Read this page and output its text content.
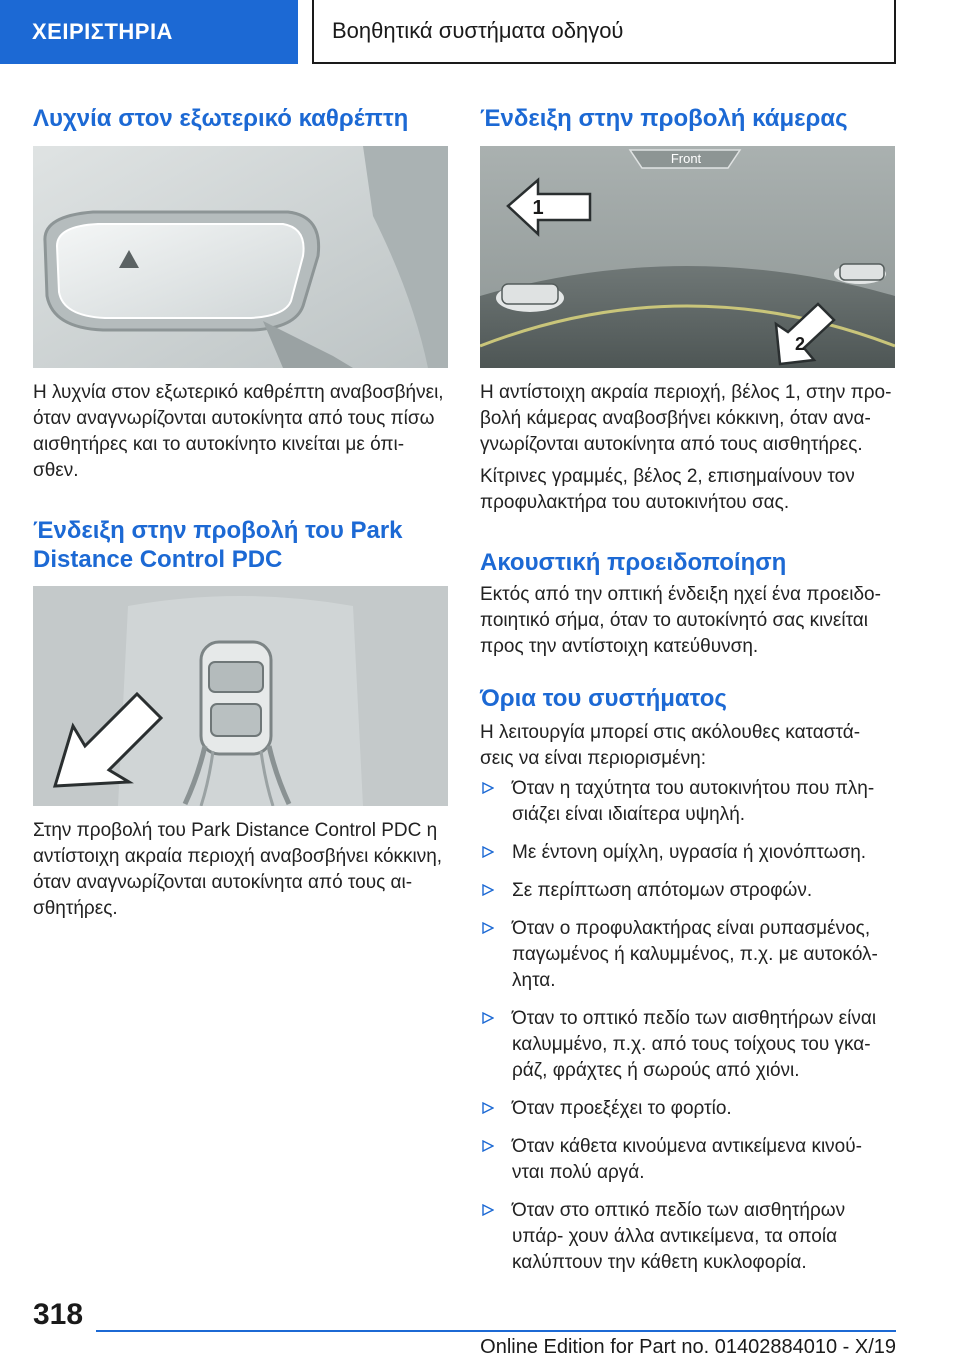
ΧΕΙΡΙΣΤΗΡΙΑ	Βοηθητικά συστήματα οδηγού
Λυχνία στον εξωτερικό καθρέπτη

Η λυχνία στον εξωτερικό καθρέπτη αναβοσβήνει, όταν αναγνωρίζονται αυτοκίνητα από τους πίσω αισθητήρες και το αυτοκίνητο κινείται με όπι- σθεν.

Ένδειξη στην προβολή του Park Distance Control PDC

Στην προβολή του Park Distance Control PDC η αντίστοιχη ακραία περιοχή αναβοσβήνει κόκκινη, όταν αναγνωρίζονται αυτοκίνητα από τους αι- σθητήρες.

Ένδειξη στην προβολή κάμερας
Front
1
2

Η αντίστοιχη ακραία περιοχή, βέλος 1, στην προ- βολή κάμερας αναβοσβήνει κόκκινη, όταν ανα- γνωρίζονται αυτοκίνητα από τους αισθητήρες.

Κίτρινες γραμμές, βέλος 2, επισημαίνουν τον προφυλακτήρα του αυτοκινήτου σας.

Ακουστική προειδοποίηση

Εκτός από την οπτική ένδειξη ηχεί ένα προειδο- ποιητικό σήμα, όταν το αυτοκίνητό σας κινείται προς την αντίστοιχη κατεύθυνση.

Όρια του συστήματος

Η λειτουργία μπορεί στις ακόλουθες καταστά- σεις να είναι περιορισμένη:

Όταν η ταχύτητα του αυτοκινήτου που πλη- σιάζει είναι ιδιαίτερα υψηλή.
Με έντονη ομίχλη, υγρασία ή χιονόπτωση.
Σε περίπτωση απότομων στροφών.
Όταν ο προφυλακτήρας είναι ρυπασμένος, παγωμένος ή καλυμμένος, π.χ. με αυτοκόλ- λητα.
Όταν το οπτικό πεδίο των αισθητήρων είναι καλυμμένο, π.χ. από τους τοίχους του γκα- ράζ, φράχτες ή σωρούς από χιόνι.
Όταν προεξέχει το φορτίο.
Όταν κάθετα κινούμενα αντικείμενα κινού- νται πολύ αργά.
Όταν στο οπτικό πεδίο των αισθητήρων υπάρ- χουν άλλα αντικείμενα, τα οποία καλύπτουν την κάθετη κυκλοφορία.
318
Online Edition for Part no. 01402884010 - X/19
